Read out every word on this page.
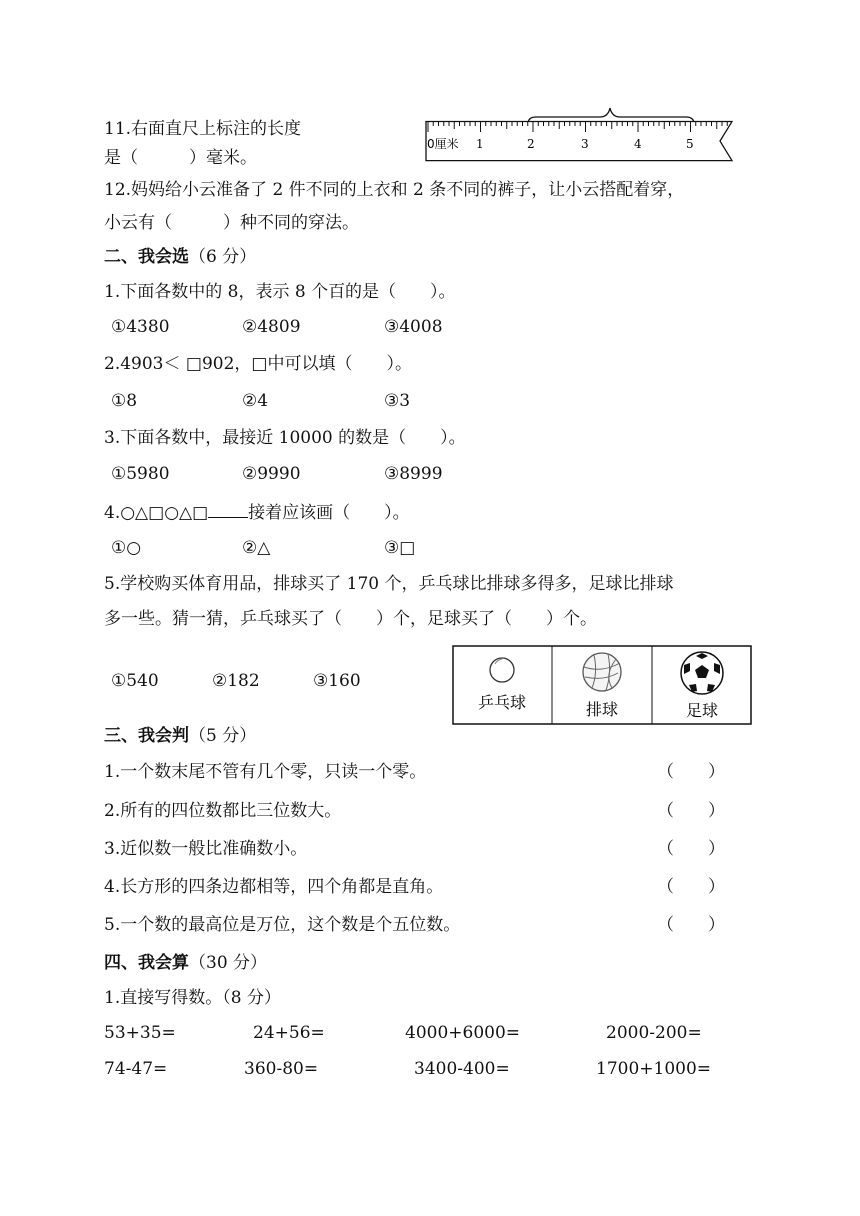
11.右面直尺上标注的长度
是（　　　）毫米。
0厘米 1	2	3	4	5
12.妈妈给小云准备了 2 件不同的上衣和 2 条不同的裤子，让小云搭配着穿，
小云有（　　　）种不同的穿法。
二、我会选（6 分）
1.下面各数中的 8，表示 8 个百的是（　　）。
①4380	②4809	③4008
2.4903＜ □902，□中可以填（　　）。
①8	②4	③3
3.下面各数中，最接近 10000 的数是（　　）。
①5980	②9990	③8999
4.○△□○△□ 接着应该画（　　）。
①○	②△	③□
5.学校购买体育用品，排球买了 170 个，乒乓球比排球多得多，足球比排球
多一些。猜一猜，乒乓球买了（　　）个，足球买了（　　）个。
①540	②182	③160
乒乓球	排球	足球
三、我会判（5 分）
1.一个数末尾不管有几个零，只读一个零。	（　　）
2.所有的四位数都比三位数大。	（　　）
3.近似数一般比准确数小。	（　　）
4.长方形的四条边都相等，四个角都是直角。	（　　）
5.一个数的最高位是万位，这个数是个五位数。	（　　）
四、我会算（30 分）
1.直接写得数。（8 分）
53+35=	24+56=	4000+6000=	2000-200=
74-47=	360-80=	3400-400=	1700+1000=
